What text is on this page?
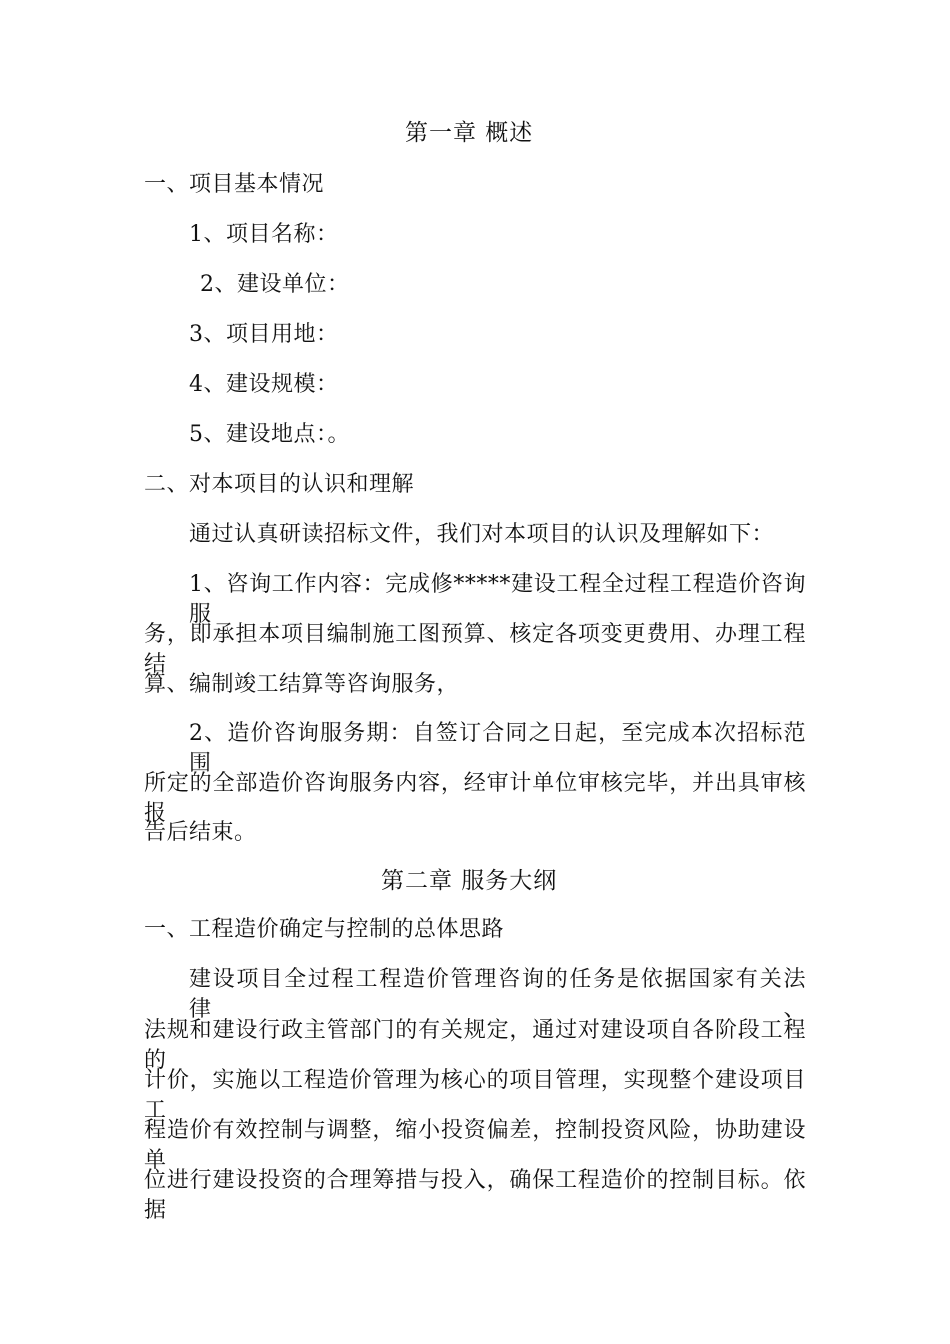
第一章 概述

一、项目基本情况

1、项目名称：

2、建设单位：

3、项目用地：

4、建设规模：

5、建设地点：。

二、对本项目的认识和理解

通过认真研读招标文件，我们对本项目的认识及理解如下：

1、咨询工作内容：完成修*****建设工程全过程工程造价咨询服

务，即承担本项目编制施工图预算、核定各项变更费用、办理工程结

算、编制竣工结算等咨询服务，

2、造价咨询服务期：自签订合同之日起，至完成本次招标范围

所定的全部造价咨询服务内容，经审计单位审核完毕，并出具审核报

告后结束。

第二章 服务大纲

一、工程造价确定与控制的总体思路

建设项目全过程工程造价管理咨询的任务是依据国家有关法律、

法规和建设行政主管部门的有关规定，通过对建设项自各阶段工程的

计价，实施以工程造价管理为核心的项目管理，实现整个建设项目工

程造价有效控制与调整，缩小投资偏差，控制投资风险，协助建设单

位进行建设投资的合理筹措与投入，确保工程造价的控制目标。依据
